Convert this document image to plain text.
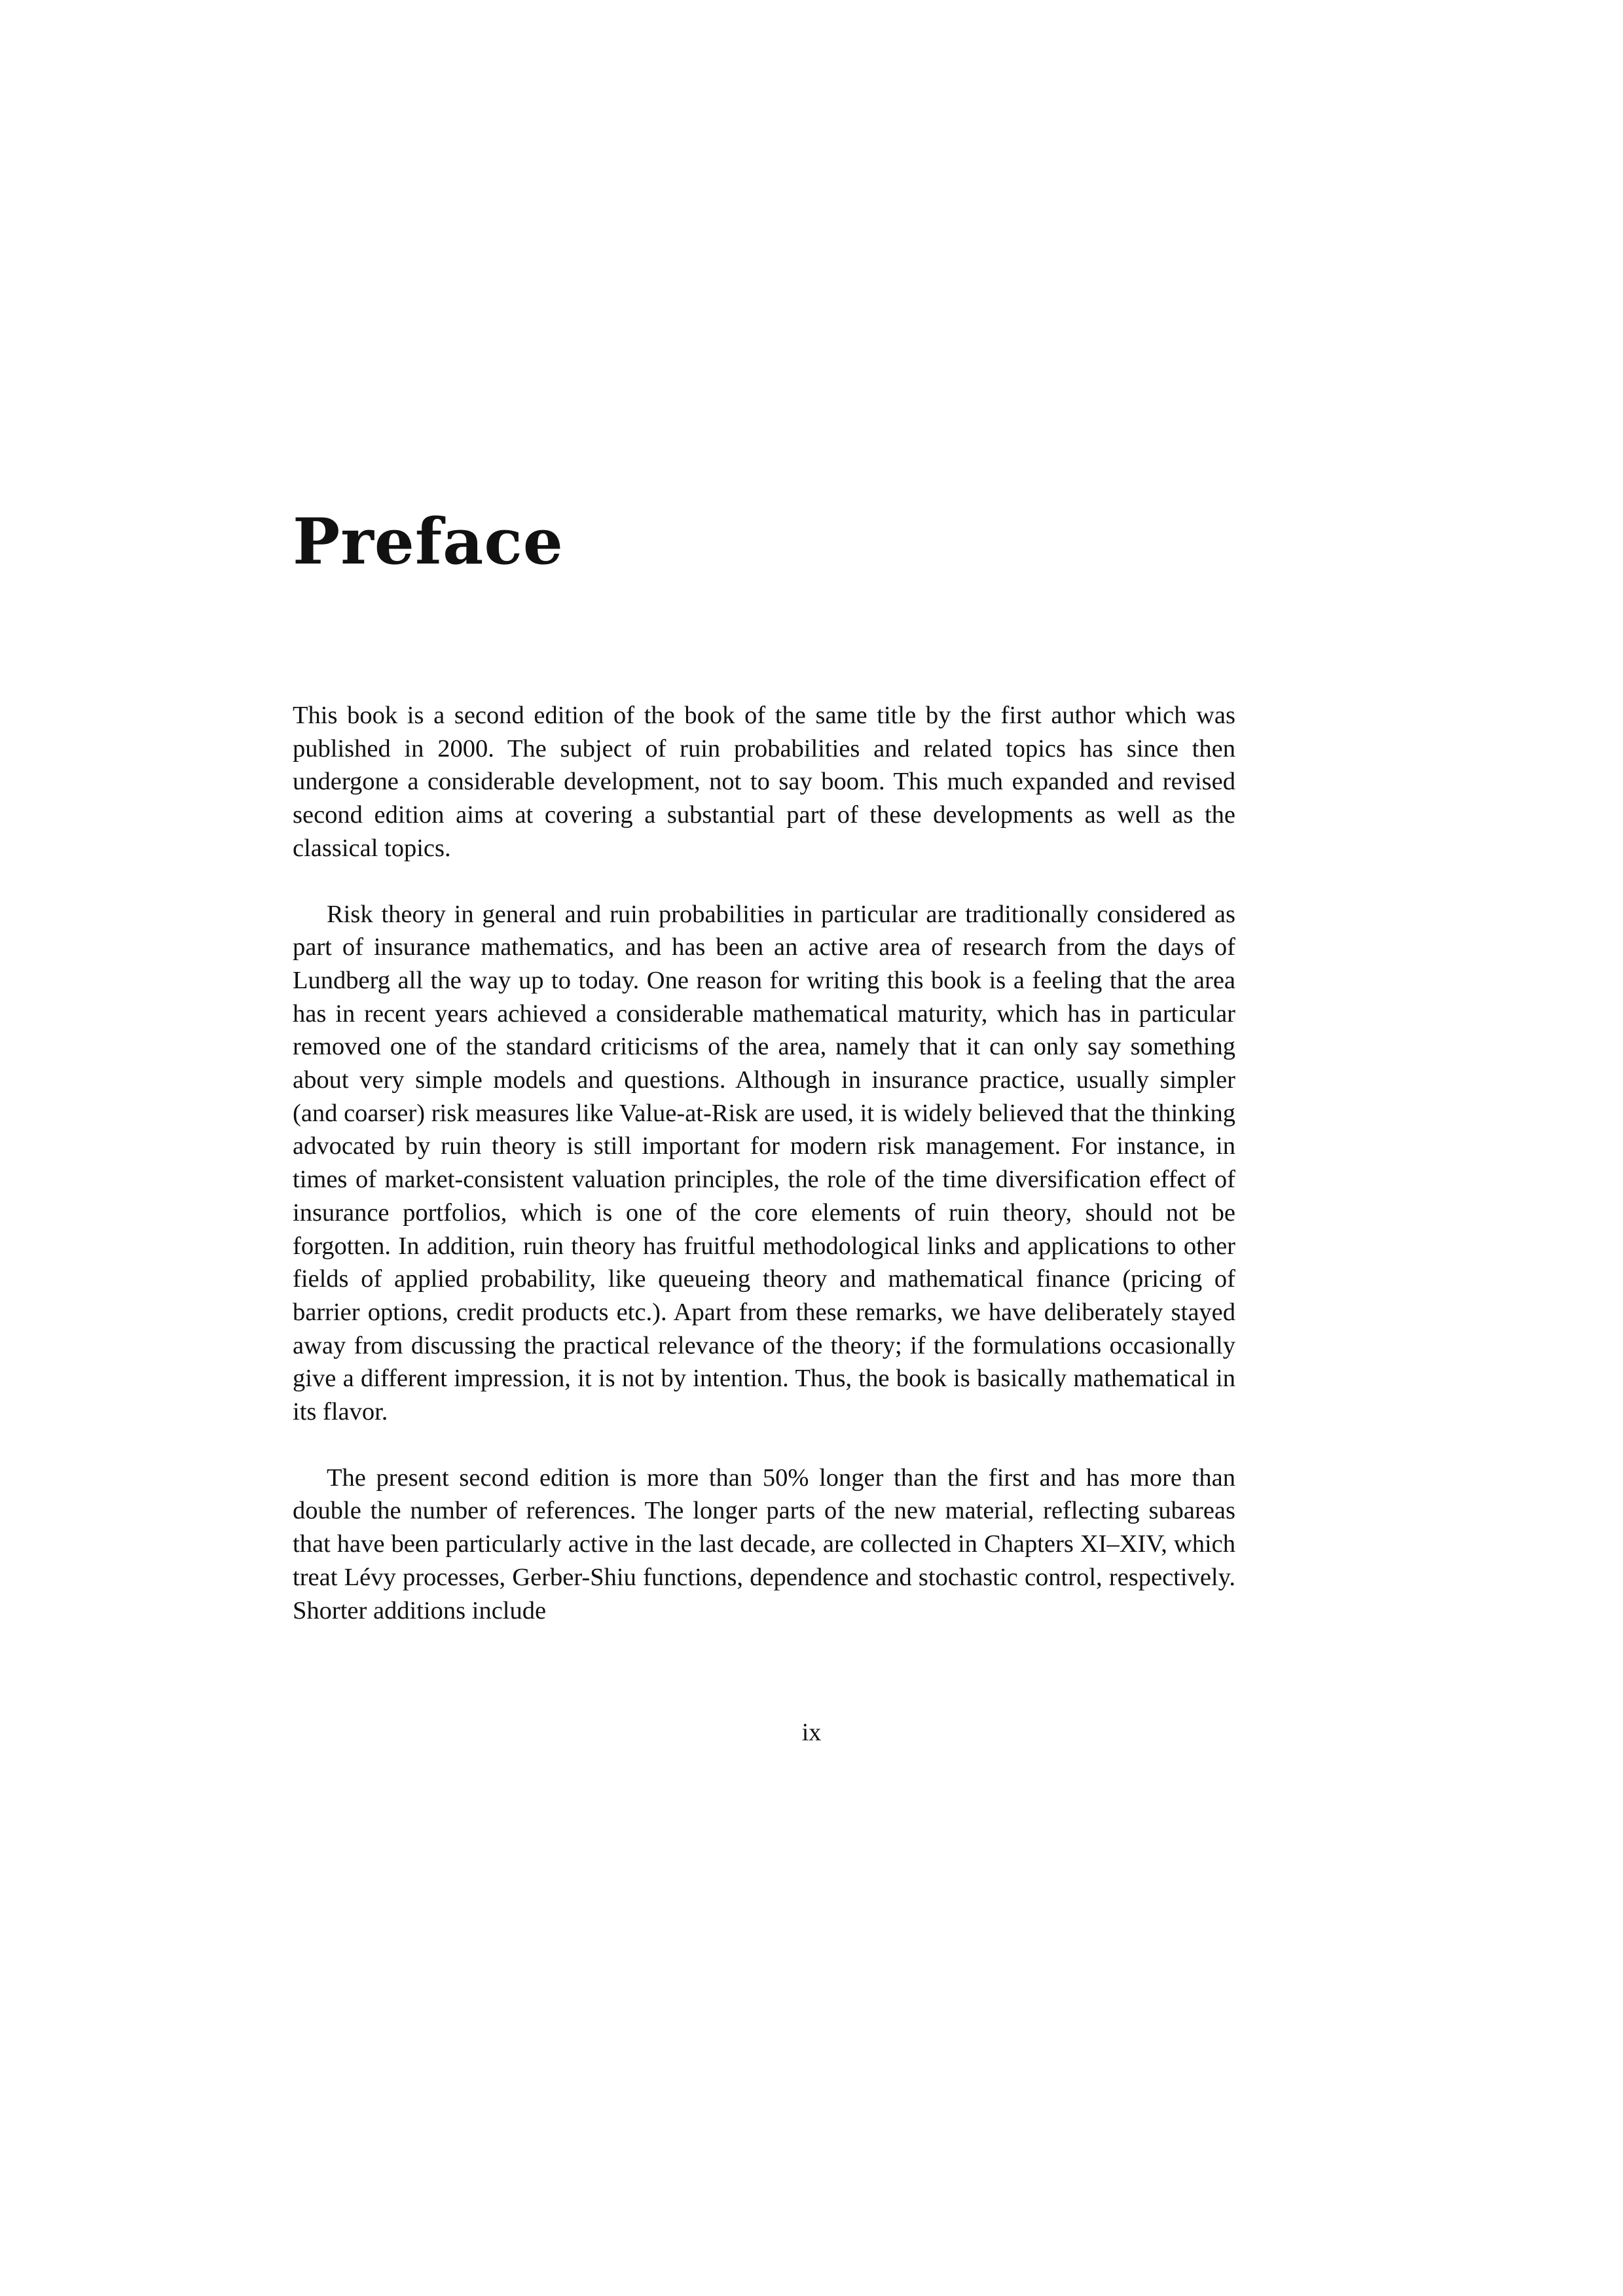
Preface

This book is a second edition of the book of the same title by the first author which was published in 2000. The subject of ruin probabilities and related topics has since then undergone a considerable development, not to say boom. This much expanded and revised second edition aims at covering a substantial part of these developments as well as the classical topics.

Risk theory in general and ruin probabilities in particular are traditionally considered as part of insurance mathematics, and has been an active area of research from the days of Lundberg all the way up to today. One reason for writing this book is a feeling that the area has in recent years achieved a considerable mathematical maturity, which has in particular removed one of the standard criticisms of the area, namely that it can only say something about very simple models and questions. Although in insurance practice, usually simpler (and coarser) risk measures like Value-at-Risk are used, it is widely believed that the thinking advocated by ruin theory is still important for modern risk management. For instance, in times of market-consistent valuation principles, the role of the time diversification effect of insurance portfolios, which is one of the core elements of ruin theory, should not be forgotten. In addition, ruin theory has fruitful methodological links and applications to other fields of applied probability, like queueing theory and mathematical finance (pricing of barrier options, credit products etc.). Apart from these remarks, we have deliberately stayed away from discussing the practical relevance of the theory; if the formulations occasionally give a different impression, it is not by intention. Thus, the book is basically mathematical in its flavor.

The present second edition is more than 50% longer than the first and has more than double the number of references. The longer parts of the new material, reflecting subareas that have been particularly active in the last decade, are collected in Chapters XI–XIV, which treat Lévy processes, Gerber-Shiu functions, dependence and stochastic control, respectively. Shorter additions include

ix
